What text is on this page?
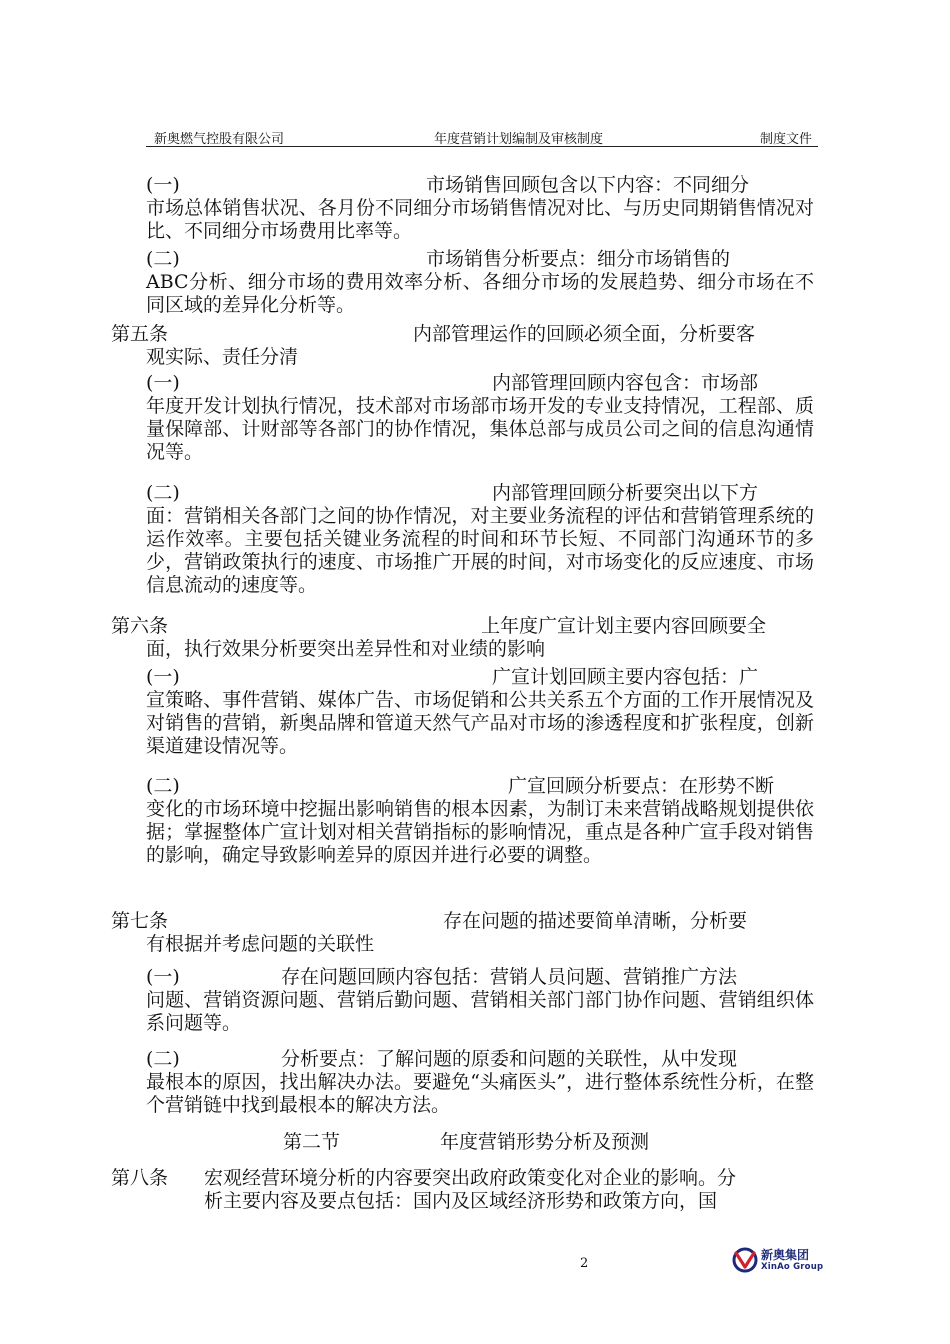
新奥燃气控股有限公司	年度营销计划编制及审核制度	制度文件
(一)	市场销售回顾包含以下内容：不同细分
市场总体销售状况、各月份不同细分市场销售情况对比、与历史同期销售情况对比、不同细分市场费用比率等。
(二)	市场销售分析要点：细分市场销售的
ABC分析、细分市场的费用效率分析、各细分市场的发展趋势、细分市场在不同区域的差异化分析等。
第五条	内部管理运作的回顾必须全面，分析要客
观实际、责任分清
(一)	内部管理回顾内容包含：市场部
年度开发计划执行情况，技术部对市场部市场开发的专业支持情况，工程部、质量保障部、计财部等各部门的协作情况，集体总部与成员公司之间的信息沟通情况等。
(二)	内部管理回顾分析要突出以下方
面：营销相关各部门之间的协作情况，对主要业务流程的评估和营销管理系统的运作效率。主要包括关键业务流程的时间和环节长短、不同部门沟通环节的多少，营销政策执行的速度、市场推广开展的时间，对市场变化的反应速度、市场信息流动的速度等。
第六条	上年度广宣计划主要内容回顾要全
面，执行效果分析要突出差异性和对业绩的影响
(一)	广宣计划回顾主要内容包括：广
宣策略、事件营销、媒体广告、市场促销和公共关系五个方面的工作开展情况及对销售的营销，新奥品牌和管道天然气产品对市场的渗透程度和扩张程度，创新渠道建设情况等。
(二)	广宣回顾分析要点：在形势不断
变化的市场环境中挖掘出影响销售的根本因素，为制订未来营销战略规划提供依据；掌握整体广宣计划对相关营销指标的影响情况，重点是各种广宣手段对销售的影响，确定导致影响差异的原因并进行必要的调整。
第七条	存在问题的描述要简单清晰，分析要
有根据并考虑问题的关联性
(一)	存在问题回顾内容包括：营销人员问题、营销推广方法
问题、营销资源问题、营销后勤问题、营销相关部门部门协作问题、营销组织体系问题等。
(二)	分析要点：了解问题的原委和问题的关联性，从中发现
最根本的原因，找出解决办法。要避免“头痛医头”，进行整体系统性分析，在整个营销链中找到最根本的解决方法。
第二节	年度营销形势分析及预测
第八条 宏观经营环境分析的内容要突出政府政策变化对企业的影响。分
析主要内容及要点包括：国内及区域经济形势和政策方向，国
2
新奥集团
XinAo Group
